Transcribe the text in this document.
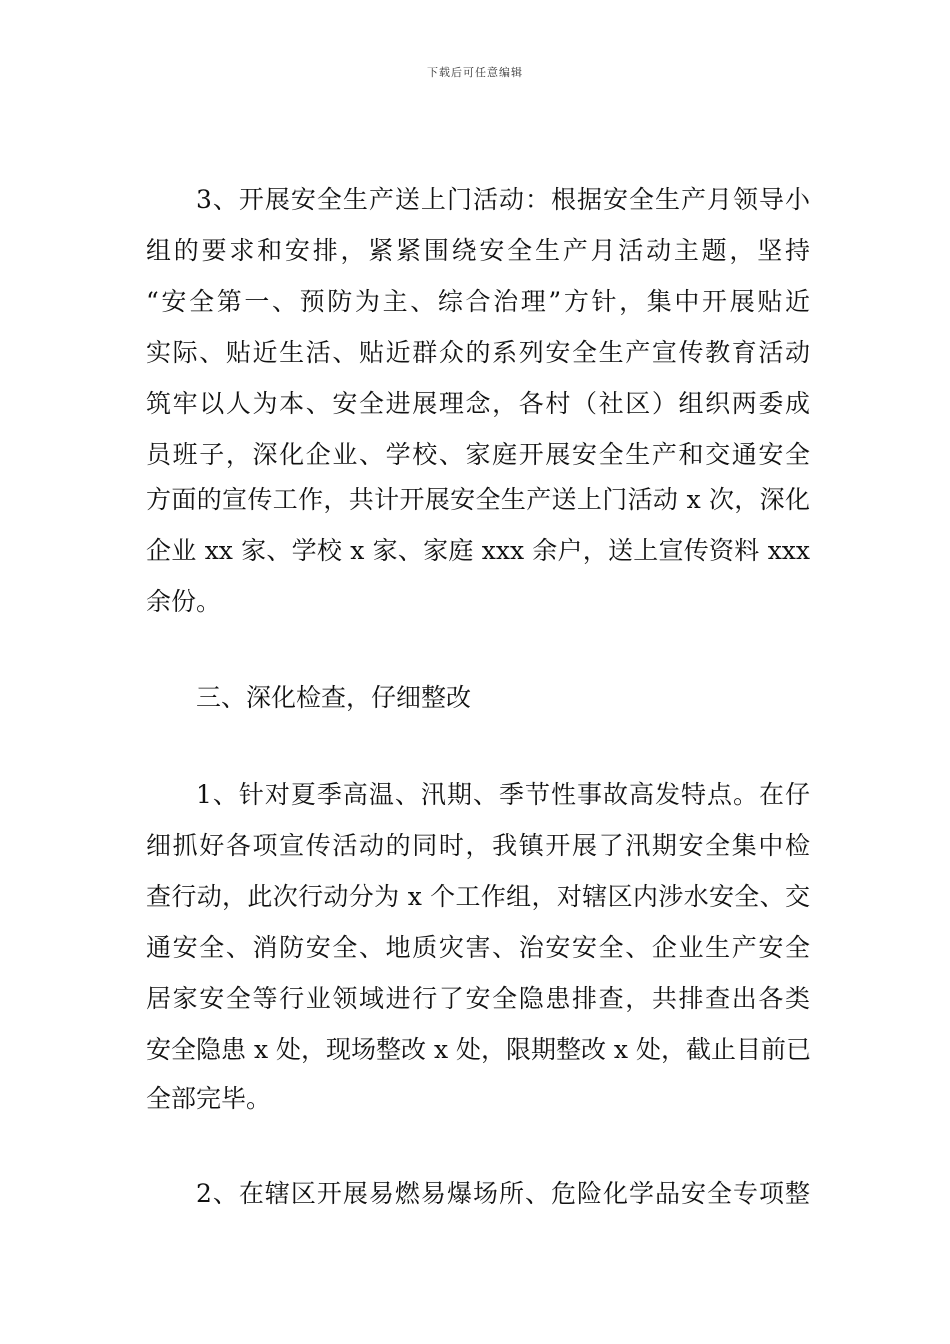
下载后可任意编辑
3、开展安全生产送上门活动：根据安全生产月领导小
组的要求和安排，紧紧围绕安全生产月活动主题，坚持
“安全第一、预防为主、综合治理”方针，集中开展贴近
实际、贴近生活、贴近群众的系列安全生产宣传教育活动
筑牢以人为本、安全进展理念，各村（社区）组织两委成
员班子，深化企业、学校、家庭开展安全生产和交通安全
方面的宣传工作，共计开展安全生产送上门活动 x 次，深化
企业 xx 家、学校 x 家、家庭 xxx 余户，送上宣传资料 xxx
余份。
三、深化检查，仔细整改
1、针对夏季高温、汛期、季节性事故高发特点。在仔
细抓好各项宣传活动的同时，我镇开展了汛期安全集中检
查行动，此次行动分为 x 个工作组，对辖区内涉水安全、交
通安全、消防安全、地质灾害、治安安全、企业生产安全
居家安全等行业领域进行了安全隐患排查，共排查出各类
安全隐患 x 处，现场整改 x 处，限期整改 x 处，截止目前已
全部完毕。
2、在辖区开展易燃易爆场所、危险化学品安全专项整
